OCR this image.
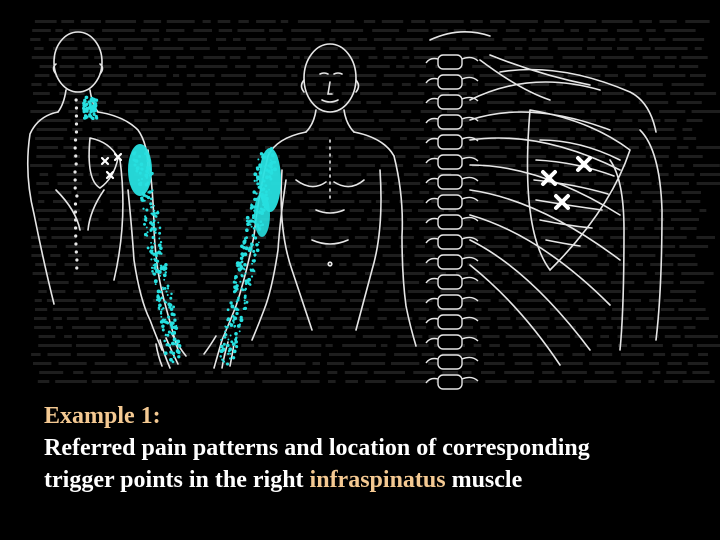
Example 1:
Referred pain patterns and location of corresponding
trigger points in the right infraspinatus muscle
